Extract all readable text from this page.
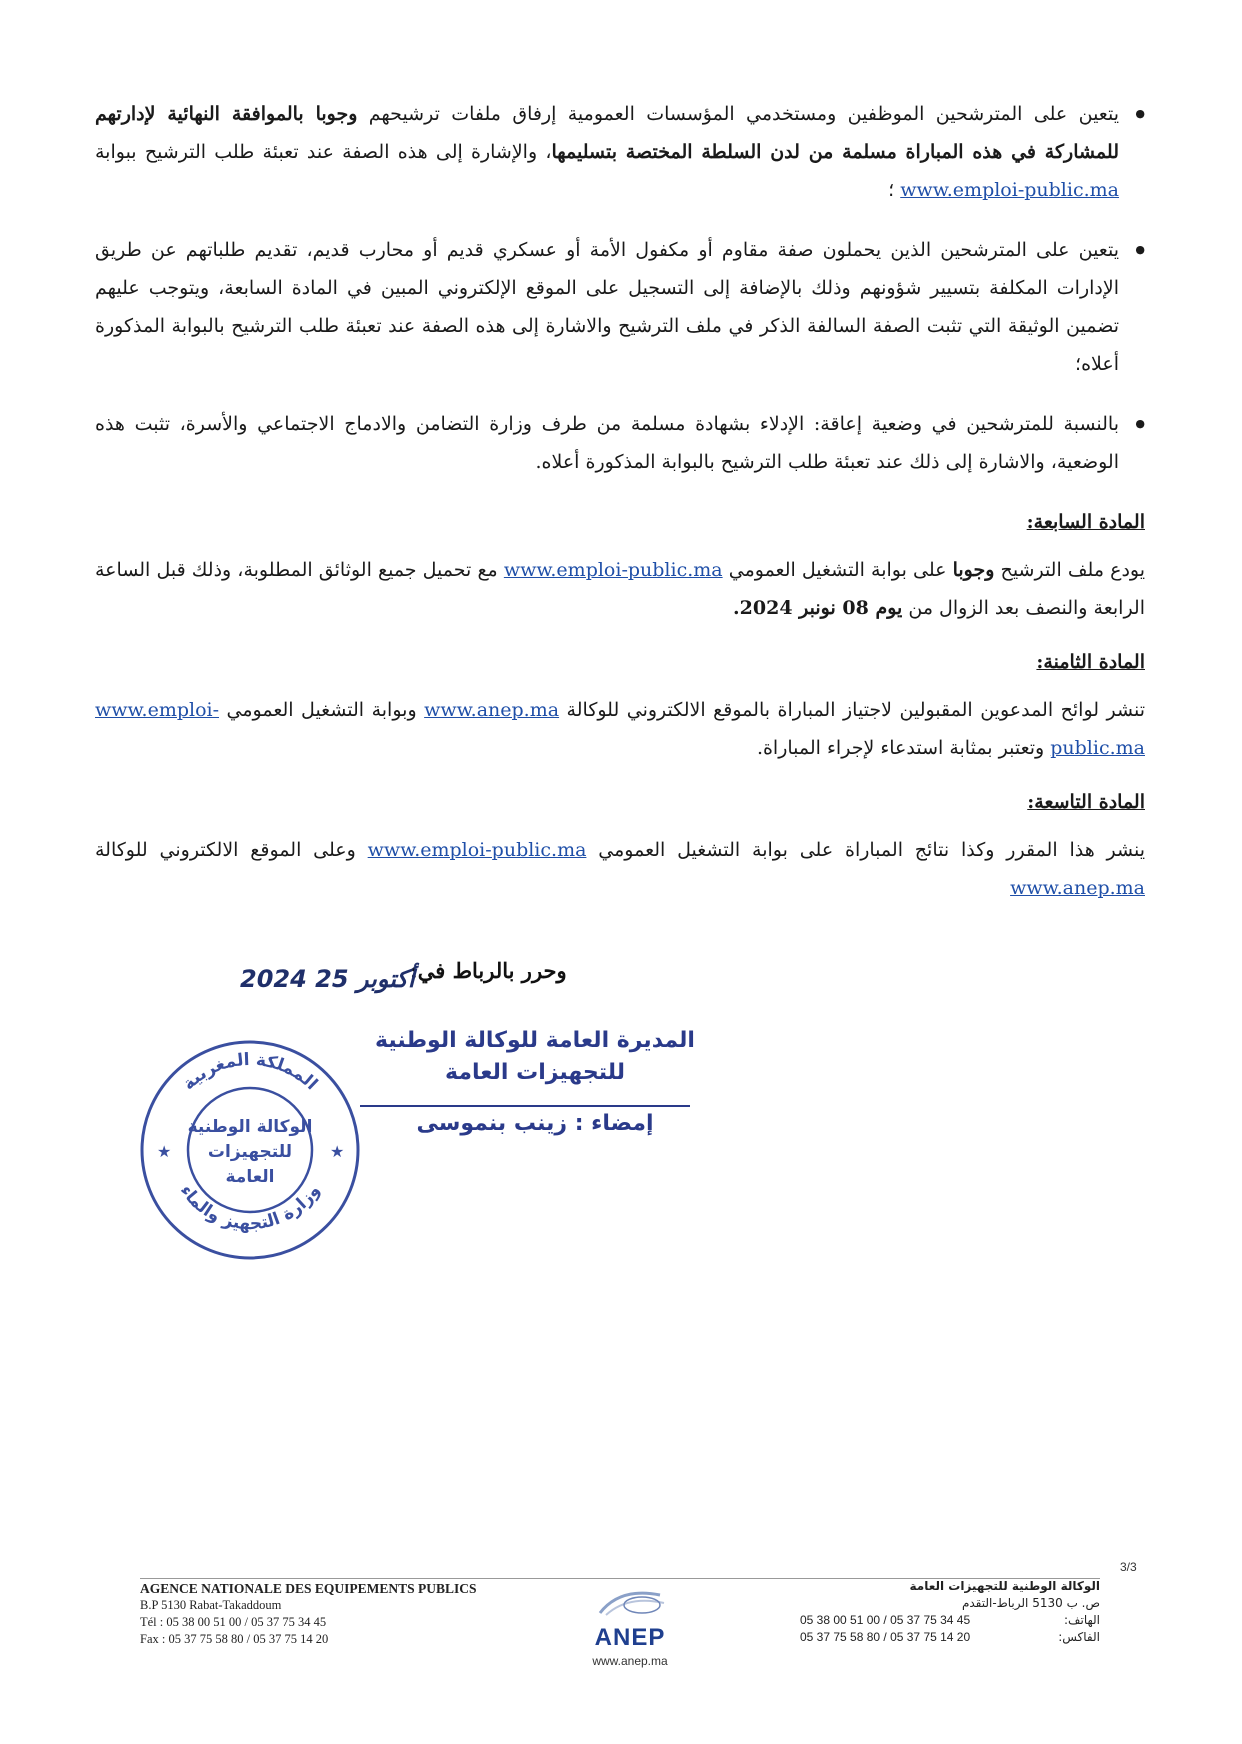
● يتعين على المترشحين الموظفين ومستخدمي المؤسسات العمومية إرفاق ملفات ترشيحهم وجوبا بالموافقة النهائية لإدارتهم للمشاركة في هذه المباراة مسلمة من لدن السلطة المختصة بتسليمها، والإشارة إلى هذه الصفة عند تعبئة طلب الترشيح ببوابة www.emploi-public.ma ؛
● يتعين على المترشحين الذين يحملون صفة مقاوم أو مكفول الأمة أو عسكري قديم أو محارب قديم، تقديم طلباتهم عن طريق الإدارات المكلفة بتسيير شؤونهم وذلك بالإضافة إلى التسجيل على الموقع الإلكتروني المبين في المادة السابعة، ويتوجب عليهم تضمين الوثيقة التي تثبت الصفة السالفة الذكر في ملف الترشيح والاشارة إلى هذه الصفة عند تعبئة طلب الترشيح بالبوابة المذكورة أعلاه؛
● بالنسبة للمترشحين في وضعية إعاقة: الإدلاء بشهادة مسلمة من طرف وزارة التضامن والادماج الاجتماعي والأسرة، تثبت هذه الوضعية، والاشارة إلى ذلك عند تعبئة طلب الترشيح بالبوابة المذكورة أعلاه.
المادة السابعة:
يودع ملف الترشيح وجوبا على بوابة التشغيل العمومي www.emploi-public.ma مع تحميل جميع الوثائق المطلوبة، وذلك قبل الساعة الرابعة والنصف بعد الزوال من يوم 08 نونبر 2024.
المادة الثامنة:
تنشر لوائح المدعوين المقبولين لاجتياز المباراة بالموقع الالكتروني للوكالة www.anep.ma وبوابة التشغيل العمومي www.emploi-public.ma وتعتبر بمثابة استدعاء لإجراء المباراة.
المادة التاسعة:
ينشر هذا المقرر وكذا نتائج المباراة على بوابة التشغيل العمومي www.emploi-public.ma وعلى الموقع الالكتروني للوكالة www.anep.ma
وحرر بالرباط في:
2024 أكتوبر 25
المديرة العامة للوكالة الوطنية
للتجهيزات العامة
إمضاء : زينب بنموسى
المملكة المغربية
وزارة التجهيز والماء
★	★
الوكالة الوطنية
للتجهيزات
العامة
3/3
AGENCE NATIONALE DES EQUIPEMENTS PUBLICS
B.P 5130 Rabat-Takaddoum
Tél : 05 38 00 51 00 / 05 37 75 34 45
Fax : 05 37 75 58 80 / 05 37 75 14 20	ANEP
www.anep.ma
الوكالة الوطنية للتجهيزات العامة
ص. ب 5130 الرباط-التقدم
الهاتف:
05 38 00 51 00 / 05 37 75 34 45
الفاكس:
05 37 75 58 80 / 05 37 75 14 20
